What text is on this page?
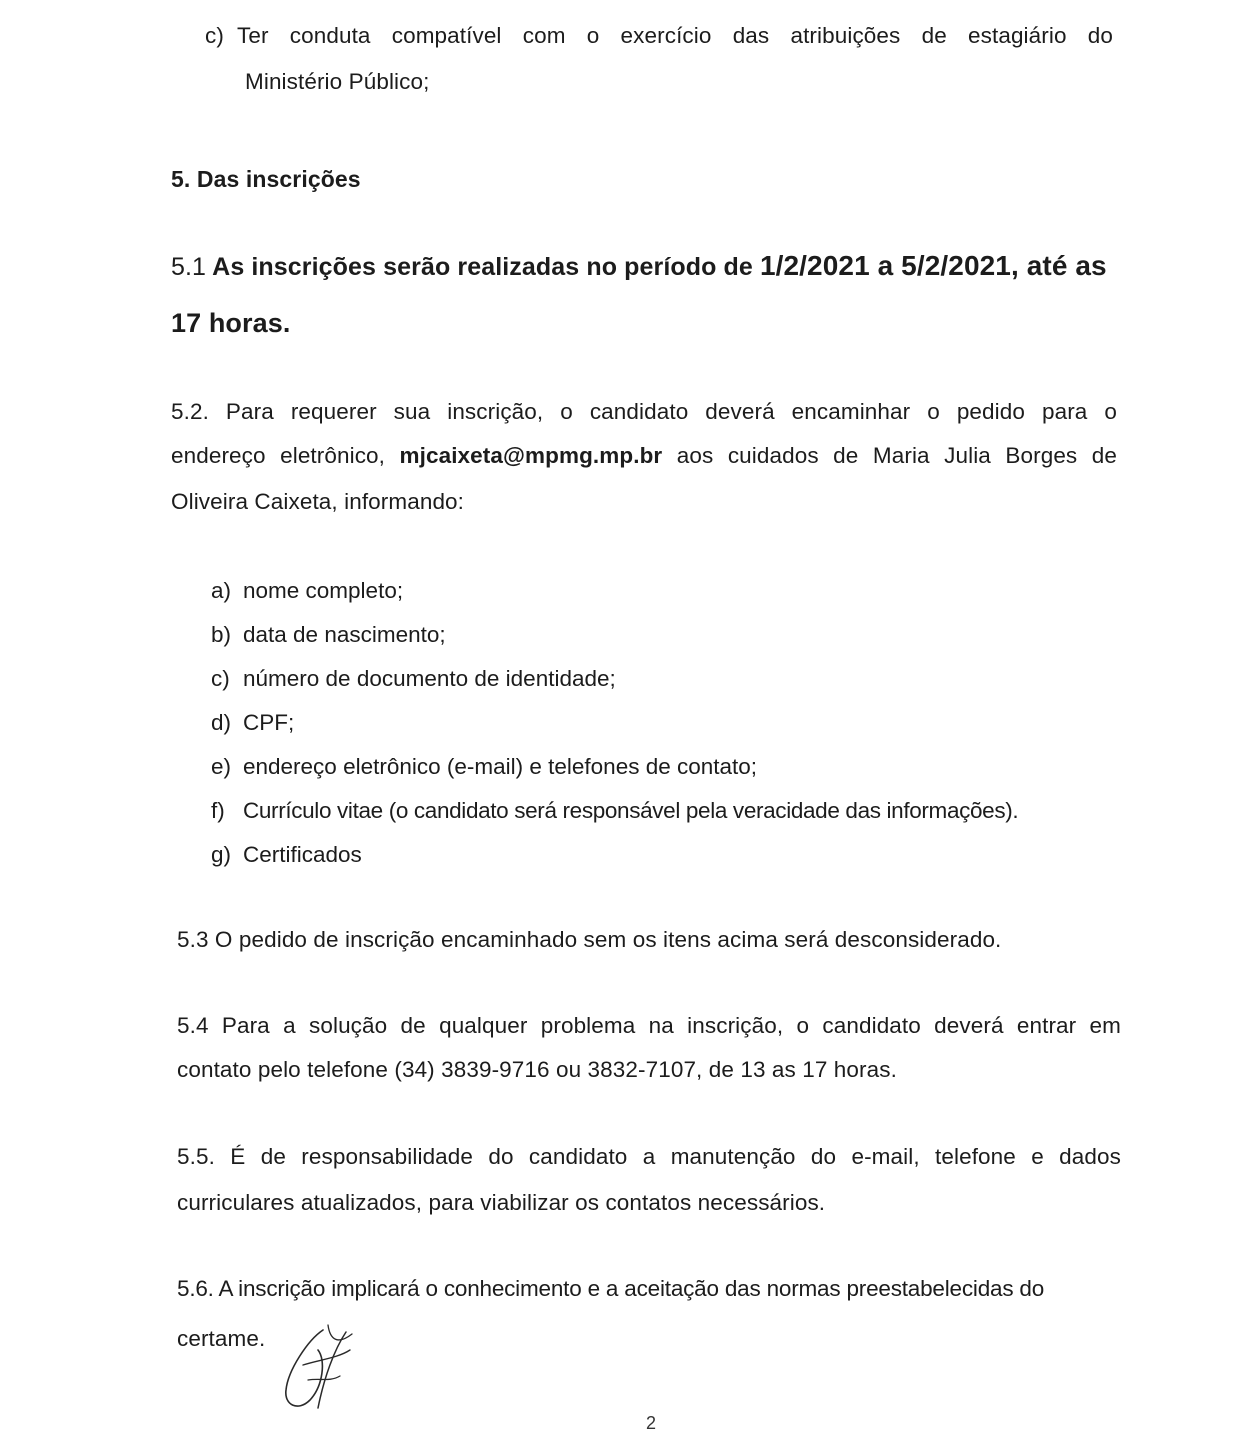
c) Ter conduta compatível com o exercício das atribuições de estagiário do
Ministério Público;
5. Das inscrições
5.1 As inscrições serão realizadas no período de 1/2/2021 a 5/2/2021, até as
17 horas.
5.2. Para requerer sua inscrição, o candidato deverá encaminhar o pedido para o
endereço eletrônico, mjcaixeta@mpmg.mp.br aos cuidados de Maria Julia Borges de
Oliveira Caixeta, informando:
a) nome completo;
b) data de nascimento;
c) número de documento de identidade;
d) CPF;
e) endereço eletrônico (e-mail) e telefones de contato;
f) Currículo vitae (o candidato será responsável pela veracidade das informações).
g) Certificados
5.3 O pedido de inscrição encaminhado sem os itens acima será desconsiderado.
5.4 Para a solução de qualquer problema na inscrição, o candidato deverá entrar em
contato pelo telefone (34) 3839-9716 ou 3832-7107, de 13 as 17 horas.
5.5. É de responsabilidade do candidato a manutenção do e-mail, telefone e dados
curriculares atualizados, para viabilizar os contatos necessários.
5.6. A inscrição implicará o conhecimento e a aceitação das normas preestabelecidas do
certame.
2
